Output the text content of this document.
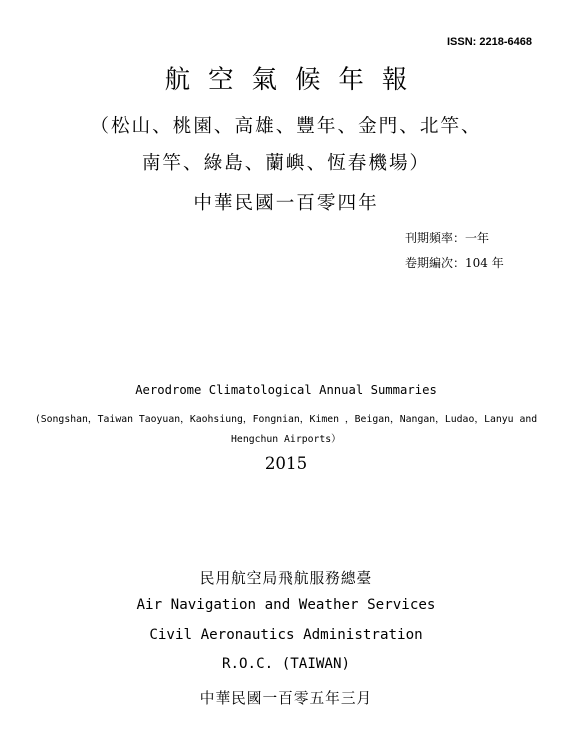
ISSN: 2218-6468
航空氣候年報
（松山、桃園、高雄、豐年、金門、北竿、
南竿、綠島、蘭嶼、恆春機場）
中華民國一百零四年
刊期頻率：一年
卷期編次：104 年
Aerodrome Climatological Annual Summaries
(Songshan，Taiwan Taoyuan，Kaohsiung，Fongnian，Kimen ，Beigan，Nangan，Ludao，Lanyu and
Hengchun Airports）
2015
民用航空局飛航服務總臺
Air Navigation and Weather Services
Civil Aeronautics Administration
R.O.C. (TAIWAN)
中華民國一百零五年三月
